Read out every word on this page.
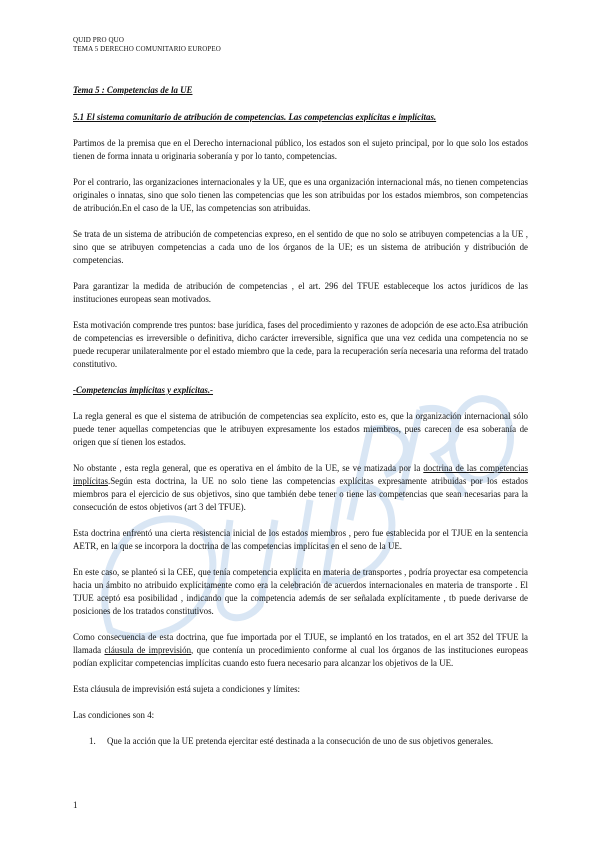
QUID PRO QUO
TEMA 5 DERECHO COMUNITARIO EUROPEO
Tema 5 : Competencias de la UE
5.1 El sistema comunitario de atribución de competencias. Las competencias explícitas e implícitas.

Partimos de la premisa que en el Derecho internacional público, los estados son el sujeto principal, por lo que solo los estados tienen de forma innata u originaria soberanía y por lo tanto, competencias.

Por el contrario, las organizaciones internacionales y la UE, que es una organización internacional más, no tienen competencias originales o innatas, sino que solo tienen las competencias que les son atribuidas por los estados miembros, son competencias de atribución.En el caso de la UE, las competencias son atribuidas.

Se trata de un sistema de atribución de competencias expreso, en el sentido de que no solo se atribuyen competencias a la UE , sino que se atribuyen competencias a cada uno de los órganos de la UE; es un sistema de atribución y distribución de competencias.

Para garantizar la medida de atribución de competencias , el art. 296 del TFUE estableceque los actos jurídicos de las instituciones europeas sean motivados.

Esta motivación comprende tres puntos: base jurídica, fases del procedimiento y razones de adopción de ese acto.Esa atribución de competencias es irreversible o definitiva, dicho carácter irreversible, significa que una vez cedida una competencia no se puede recuperar unilateralmente por el estado miembro que la cede, para la recuperación sería necesaria una reforma del tratado constitutivo.

-Competencias implícitas y explícitas.-

La regla general es que el sistema de atribución de competencias sea explícito, esto es, que la organización internacional sólo puede tener aquellas competencias que le atribuyen expresamente los estados miembros, pues carecen de esa soberanía de origen que sí tienen los estados.

No obstante , esta regla general, que es operativa en el ámbito de la UE, se ve matizada por la doctrina de las competencias implícitas.Según esta doctrina, la UE no solo tiene las competencias explícitas expresamente atribuidas por los estados miembros para el ejercicio de sus objetivos, sino que también debe tener o tiene las competencias que sean necesarias para la consecución de estos objetivos (art 3 del TFUE).

Esta doctrina enfrentó una cierta resistencia inicial de los estados miembros , pero fue establecida por el TJUE en la sentencia AETR, en la que se incorpora la doctrina de las competencias implícitas en el seno de la UE.

En este caso, se planteó si la CEE, que tenía competencia explícita en materia de transportes , podría proyectar esa competencia hacia un ámbito no atribuido explícitamente como era la celebración de acuerdos internacionales en materia de transporte . El TJUE aceptó esa posibilidad , indicando que la competencia además de ser señalada explícitamente , tb puede derivarse de posiciones de los tratados constitutivos.

Como consecuencia de esta doctrina, que fue importada por el TJUE, se implantó en los tratados, en el art 352 del TFUE la llamada cláusula de imprevisión, que contenía un procedimiento conforme al cual los órganos de las instituciones europeas podían explicitar competencias implícitas cuando esto fuera necesario para alcanzar los objetivos de la UE.

Esta cláusula de imprevisión está sujeta a condiciones y límites:

Las condiciones son 4:

1. Que la acción que la UE pretenda ejercitar esté destinada a la consecución de uno de sus objetivos generales.
1
